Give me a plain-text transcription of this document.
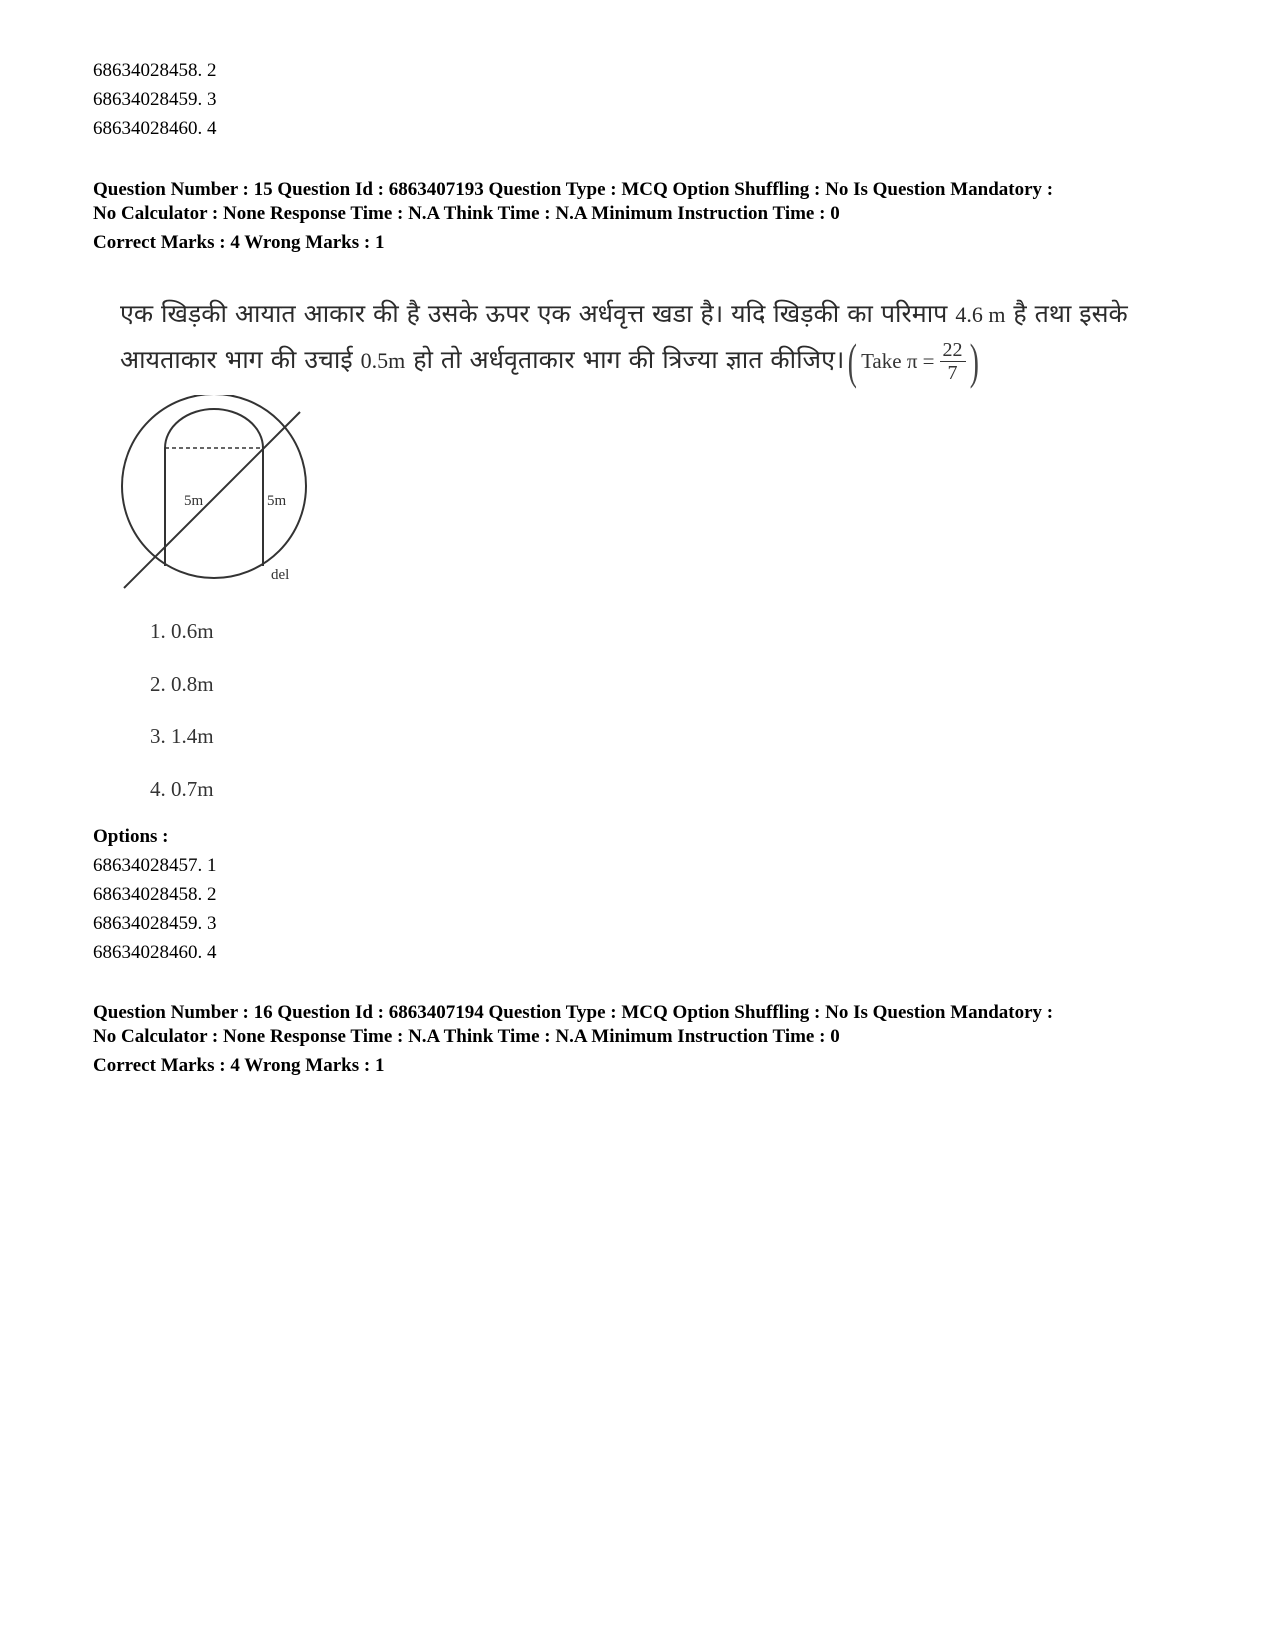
68634028458. 2
68634028459. 3
68634028460. 4
Question Number : 15 Question Id : 6863407193 Question Type : MCQ Option Shuffling : No Is Question Mandatory :
No Calculator : None Response Time : N.A Think Time : N.A Minimum Instruction Time : 0
Correct Marks : 4 Wrong Marks : 1
एक खिड़की आयात आकार की है उसके ऊपर एक अर्धवृत्त खडा है। यदि खिड़की का परिमाप 4.6 m है तथा इसके
आयताकार भाग की उचाई 0.5m हो तो अर्धवृताकार भाग की त्रिज्या ज्ञात कीजिए। ( Take $\pi = \frac{22}{7}$ )
5m	5m
del
1. 0.6m
2. 0.8m
3. 1.4m
4. 0.7m
Options :
68634028457. 1
68634028458. 2
68634028459. 3
68634028460. 4
Question Number : 16 Question Id : 6863407194 Question Type : MCQ Option Shuffling : No Is Question Mandatory :
No Calculator : None Response Time : N.A Think Time : N.A Minimum Instruction Time : 0
Correct Marks : 4 Wrong Marks : 1
